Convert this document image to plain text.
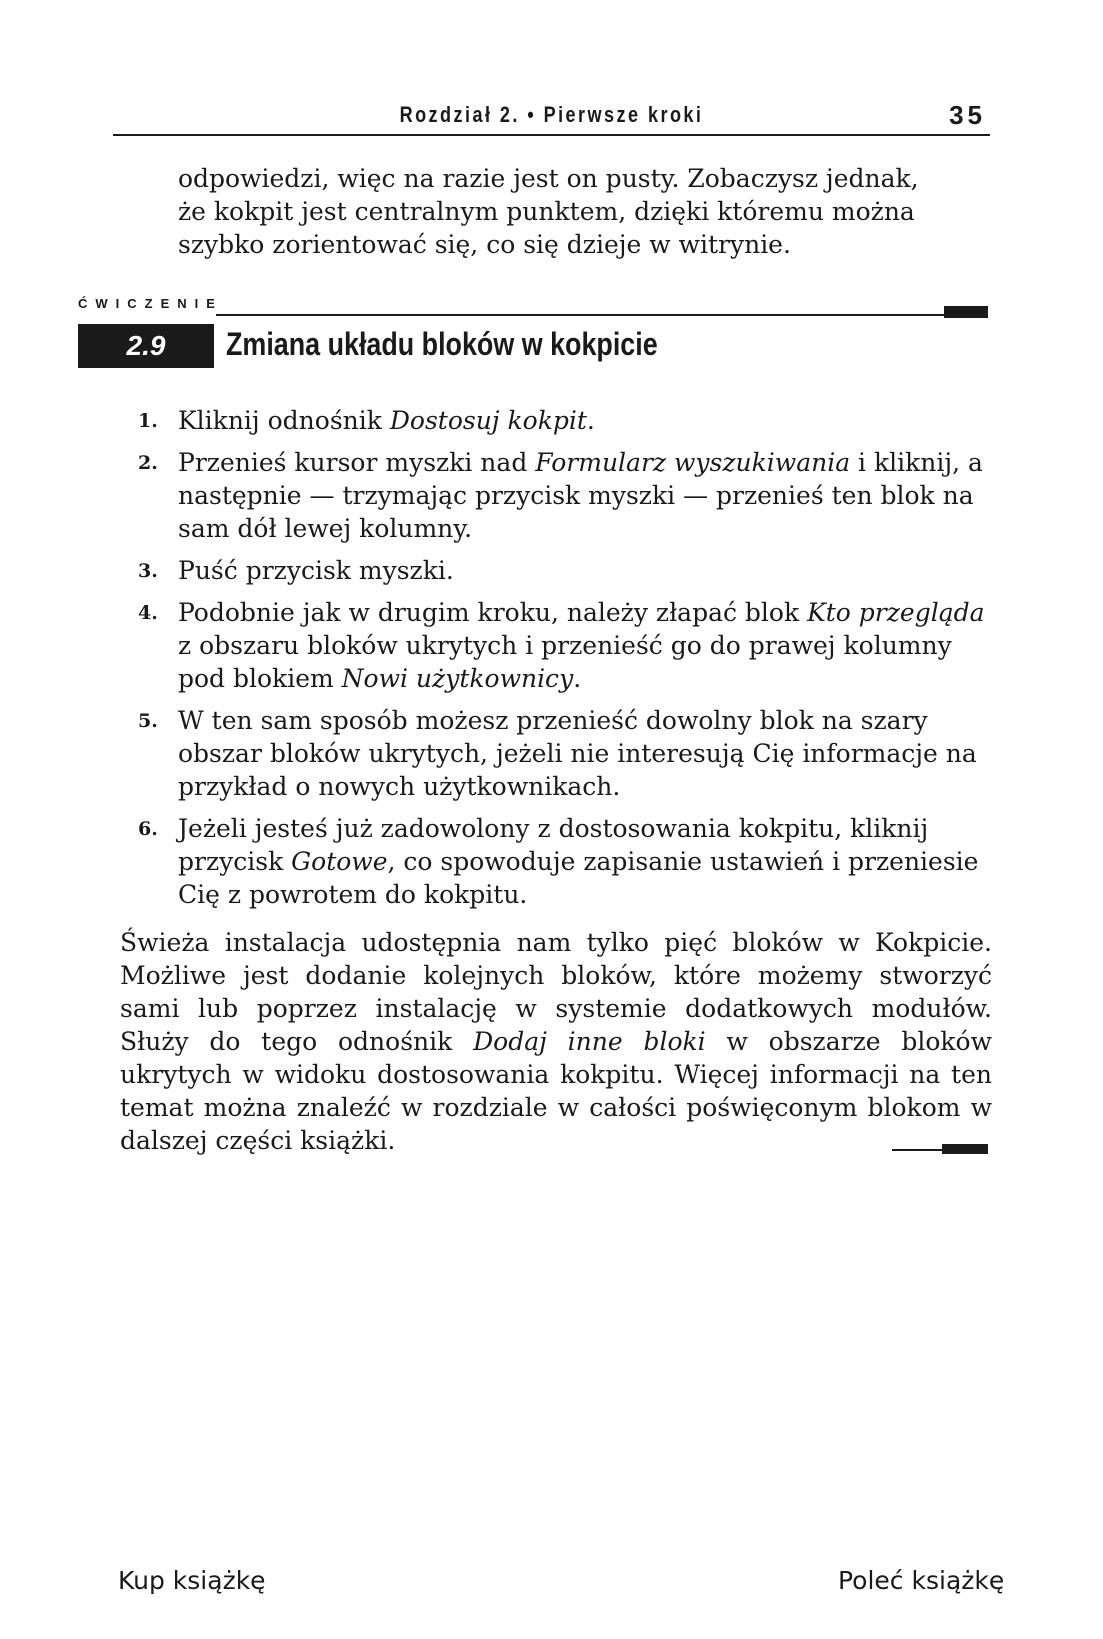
Rozdział 2. • Pierwsze kroki	35
odpowiedzi, więc na razie jest on pusty. Zobaczysz jednak,
że kokpit jest centralnym punktem, dzięki któremu można
szybko zorientować się, co się dzieje w witrynie.
ĆWICZENIE
2.9	Zmiana układu bloków w kokpicie
1. Kliknij odnośnik Dostosuj kokpit.
2. Przenieś kursor myszki nad Formularz wyszukiwania i kliknij, a następnie — trzymając przycisk myszki — przenieś ten blok na sam dół lewej kolumny.
3. Puść przycisk myszki.
4. Podobnie jak w drugim kroku, należy złapać blok Kto przegląda z obszaru bloków ukrytych i przenieść go do prawej kolumny pod blokiem Nowi użytkownicy.
5. W ten sam sposób możesz przenieść dowolny blok na szary obszar bloków ukrytych, jeżeli nie interesują Cię informacje na przykład o nowych użytkownikach.
6. Jeżeli jesteś już zadowolony z dostosowania kokpitu, kliknij przycisk Gotowe, co spowoduje zapisanie ustawień i przeniesie Cię z powrotem do kokpitu.

Świeża instalacja udostępnia nam tylko pięć bloków w Kokpicie. Możliwe jest dodanie kolejnych bloków, które możemy stworzyć sami lub poprzez instalację w systemie dodatkowych modułów. Służy do tego odnośnik Dodaj inne bloki w obszarze bloków ukrytych w widoku dostosowania kokpitu. Więcej informacji na ten temat można znaleźć w rozdziale w całości poświęconym blokom w dalszej części książki.

Kup książkę	Poleć książkę
